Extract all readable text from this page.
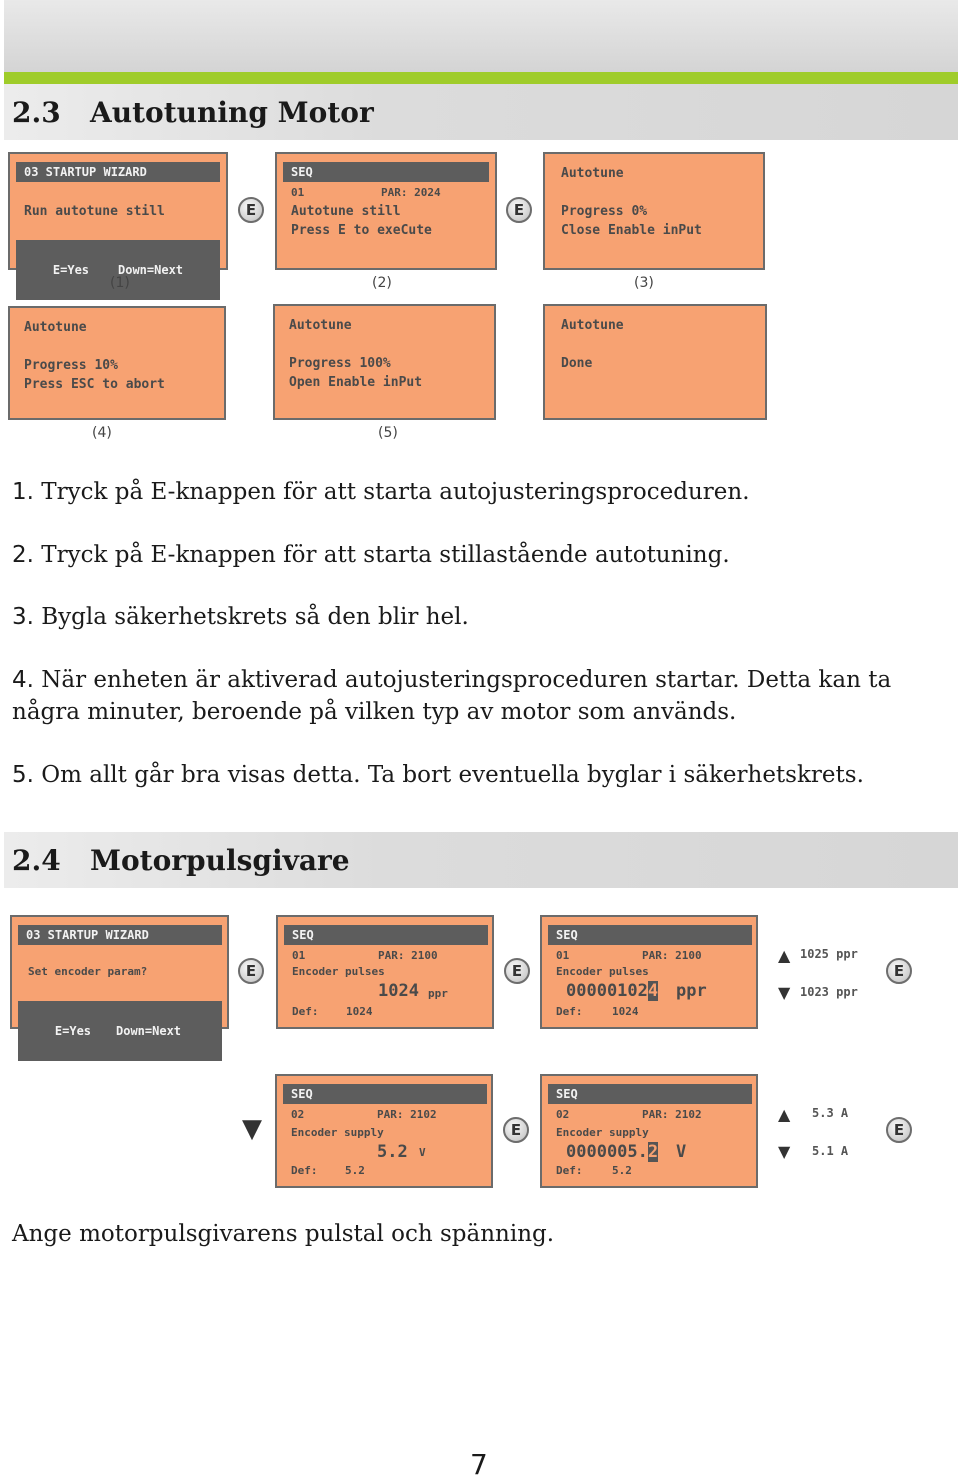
2.3 Autotuning Motor
03 STARTUP WIZARD
Run autotune still

E=Yes Down=Next

E
(1)
SEQ
01	PAR: 2024
Autotune still
Press E to exeCute
E
(2)
Autotune
Progress 0%
Close Enable inPut
(3)
Autotune
Progress 10%
Press ESC to abort
(4)
Autotune
Progress 100%
Open Enable inPut
(5)
Autotune
Done
1. Tryck på E-knappen för att starta autojusteringsproceduren.
2. Tryck på E-knappen för att starta stillastående autotuning.
3. Bygla säkerhetskrets så den blir hel.
4. När enheten är aktiverad autojusteringsproceduren startar. Detta kan ta några minuter, beroende på vilken typ av motor som används.
5. Om allt går bra visas detta. Ta bort eventuella byglar i säkerhetskrets.
2.4 Motorpulsgivare
03 STARTUP WIZARD
Set encoder param?

E=Yes Down=Next

E
SEQ
01	PAR: 2100
Encoder pulses
1024 ppr
Def:	1024
E
SEQ
01	PAR: 2100
Encoder pulses
000001024 ppr
Def:	1024
▲ 1025 ppr
▼ 1023 ppr
E
▼
SEQ
02	PAR: 2102
Encoder supply
5.2 V
Def:	5.2
E
SEQ
02	PAR: 2102
Encoder supply
0000005.2 V
Def:	5.2
▲ 5.3 A
▼ 5.1 A
E
Ange motorpulsgivarens pulstal och spänning.
7
